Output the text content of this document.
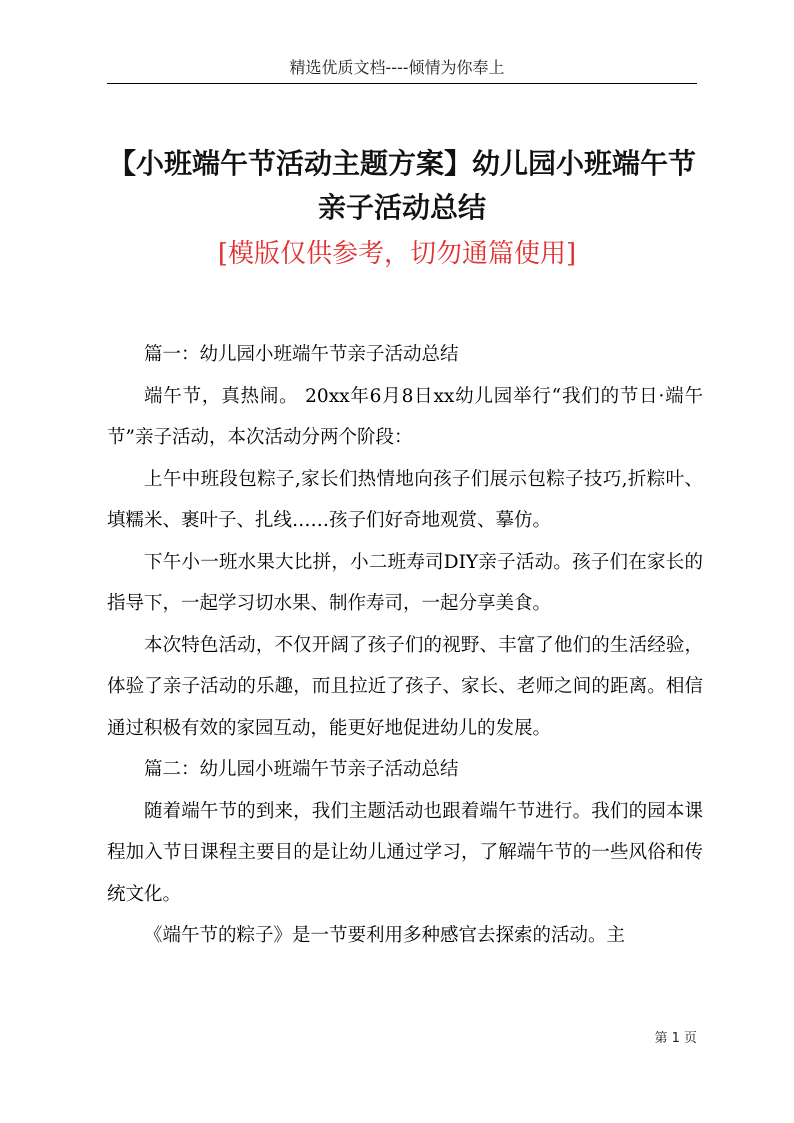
精选优质文档----倾情为你奉上
【小班端午节活动主题方案】幼儿园小班端午节亲子活动总结
[模版仅供参考，切勿通篇使用]

篇一：幼儿园小班端午节亲子活动总结

端午节，真热闹。 20xx年6月8日xx幼儿园举行“我们的节日·端午节”亲子活动，本次活动分两个阶段：

上午中班段包粽子,家长们热情地向孩子们展示包粽子技巧,折粽叶、填糯米、裹叶子、扎线……孩子们好奇地观赏、摹仿。

下午小一班水果大比拼，小二班寿司DIY亲子活动。孩子们在家长的指导下，一起学习切水果、制作寿司，一起分享美食。

本次特色活动，不仅开阔了孩子们的视野、丰富了他们的生活经验，体验了亲子活动的乐趣，而且拉近了孩子、家长、老师之间的距离。相信通过积极有效的家园互动，能更好地促进幼儿的发展。

篇二：幼儿园小班端午节亲子活动总结

随着端午节的到来，我们主题活动也跟着端午节进行。我们的园本课程加入节日课程主要目的是让幼儿通过学习，了解端午节的一些风俗和传统文化。

《端午节的粽子》是一节要利用多种感官去探索的活动。主

第 1 页
